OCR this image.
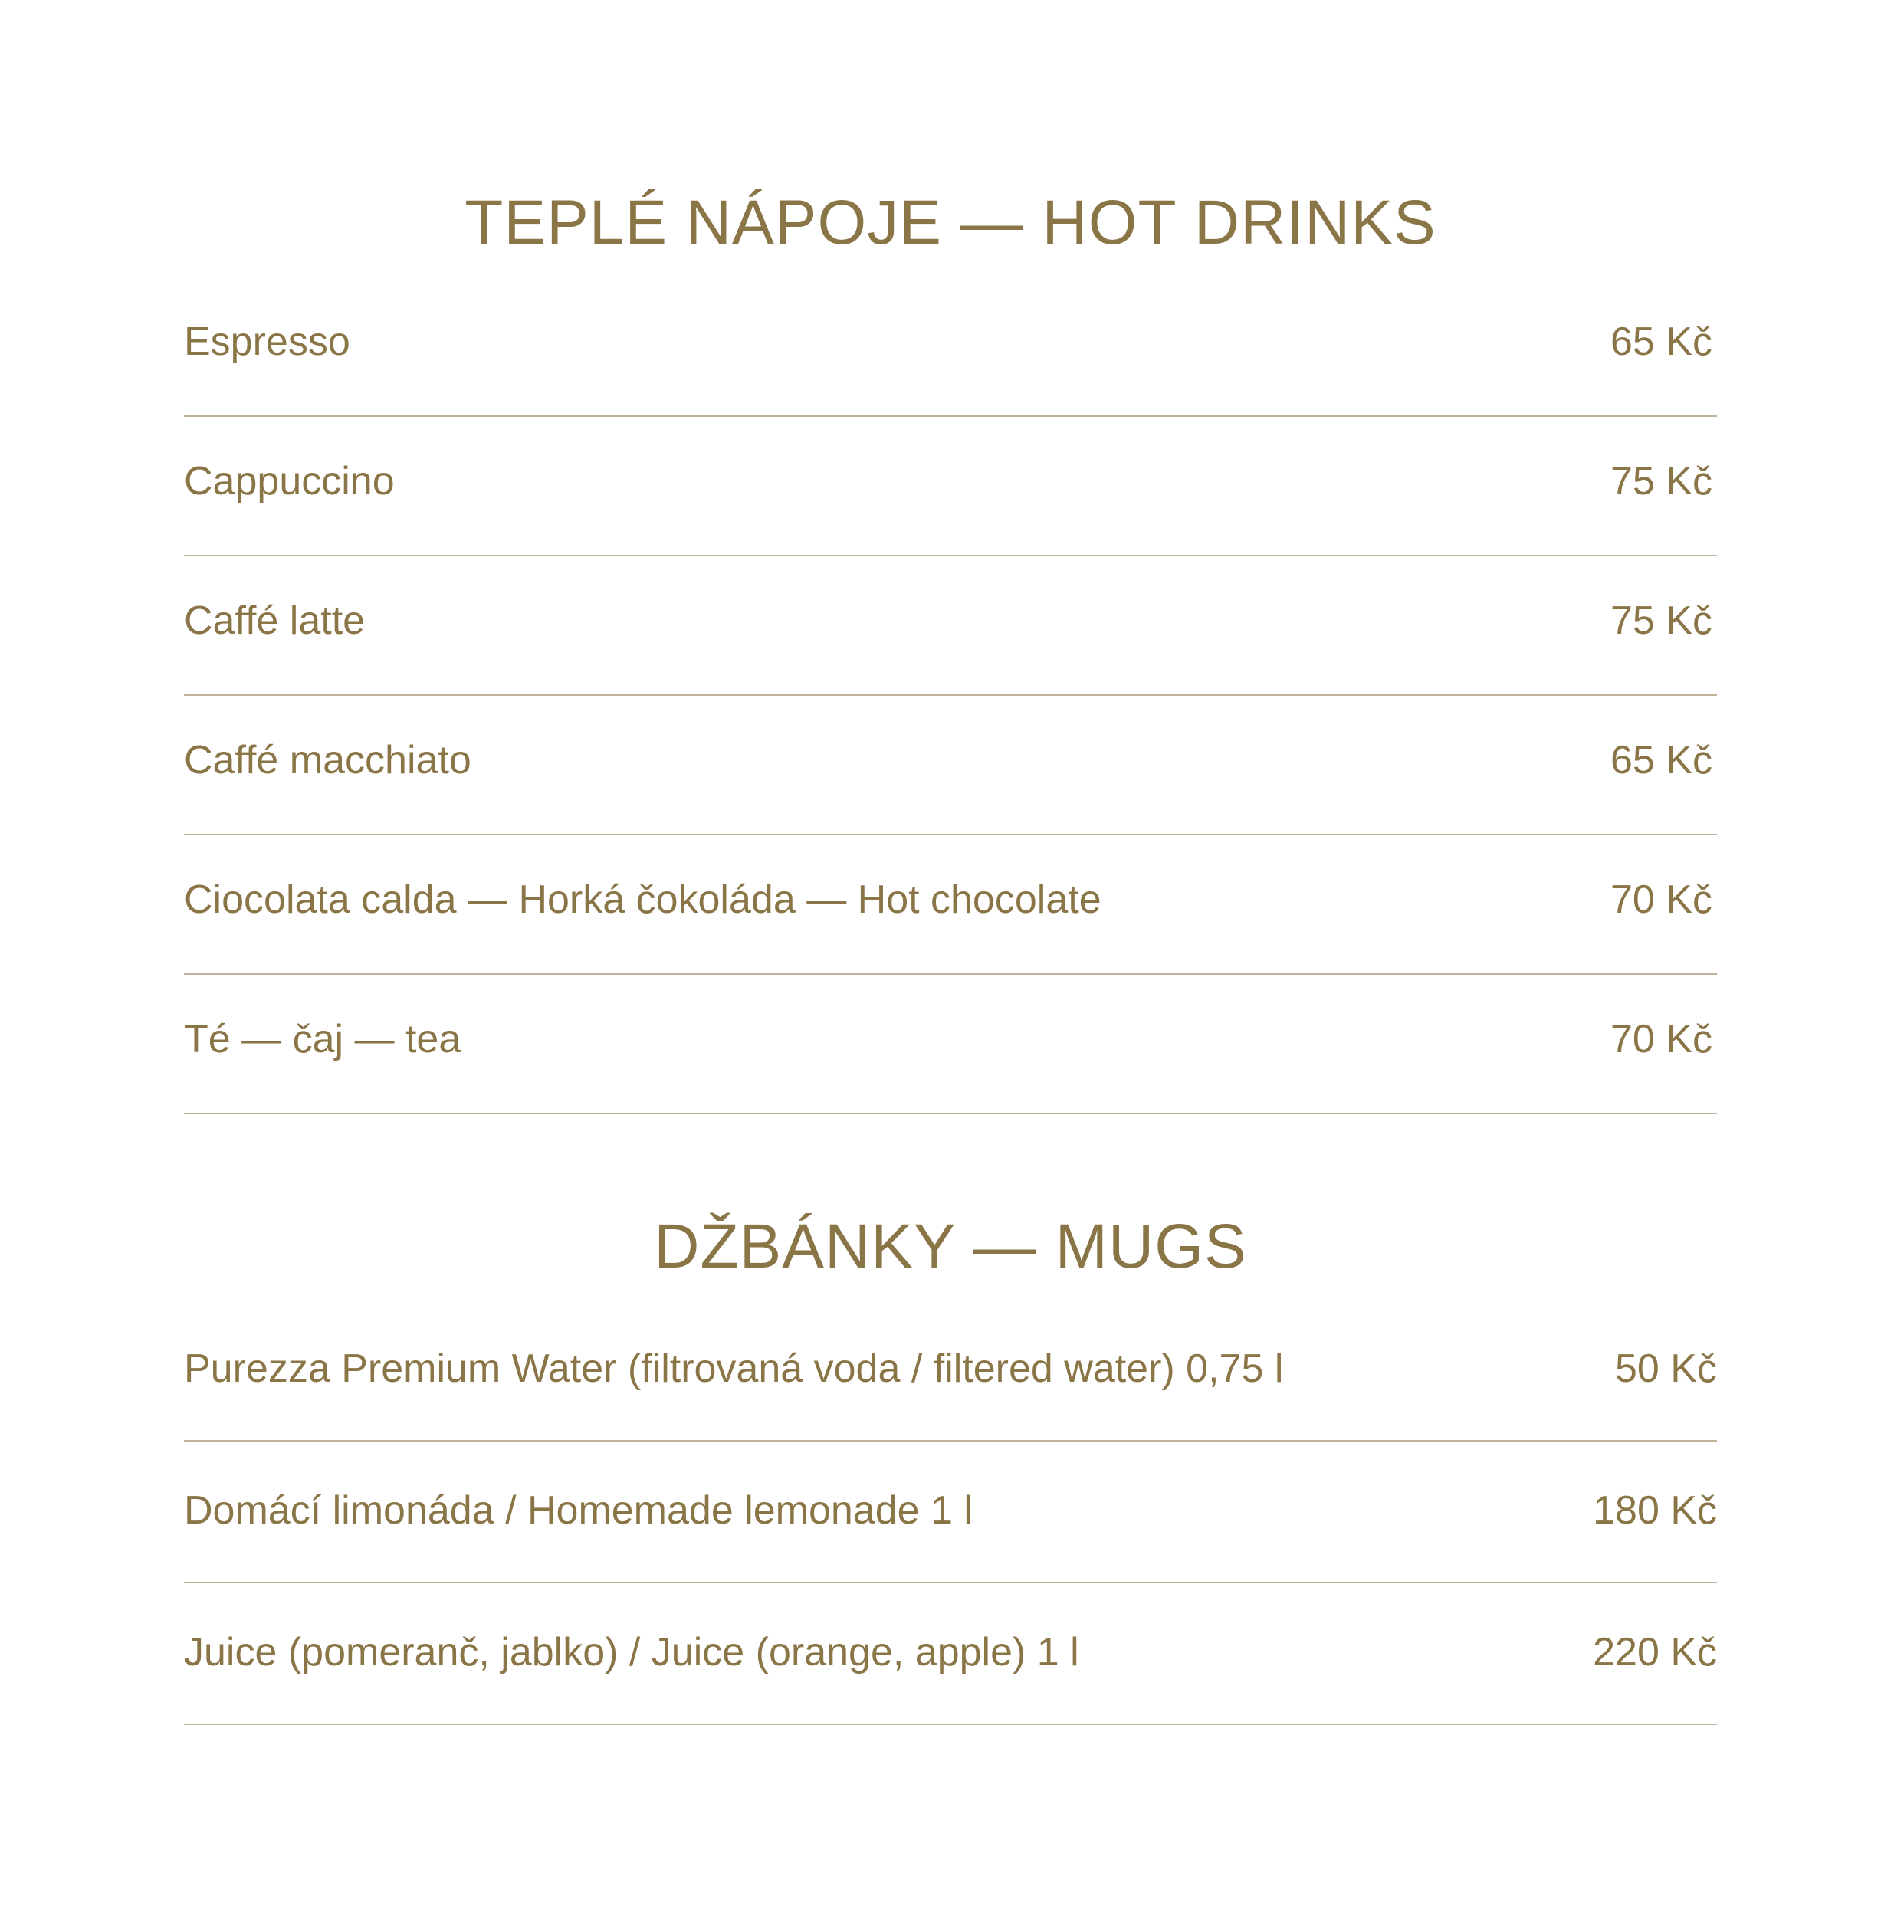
TEPLÉ NÁPOJE — HOT DRINKS
Espresso	65 Kč
Cappuccino	75 Kč
Caffé latte	75 Kč
Caffé macchiato	65 Kč
Ciocolata calda — Horká čokoláda — Hot chocolate	70 Kč
Té — čaj — tea	70 Kč
DŽBÁNKY — MUGS
Purezza Premium Water (filtrovaná voda / filtered water) 0,75 l	50 Kč
Domácí limonáda / Homemade lemonade 1 l	180 Kč
Juice (pomeranč, jablko) / Juice (orange, apple) 1 l	220 Kč
